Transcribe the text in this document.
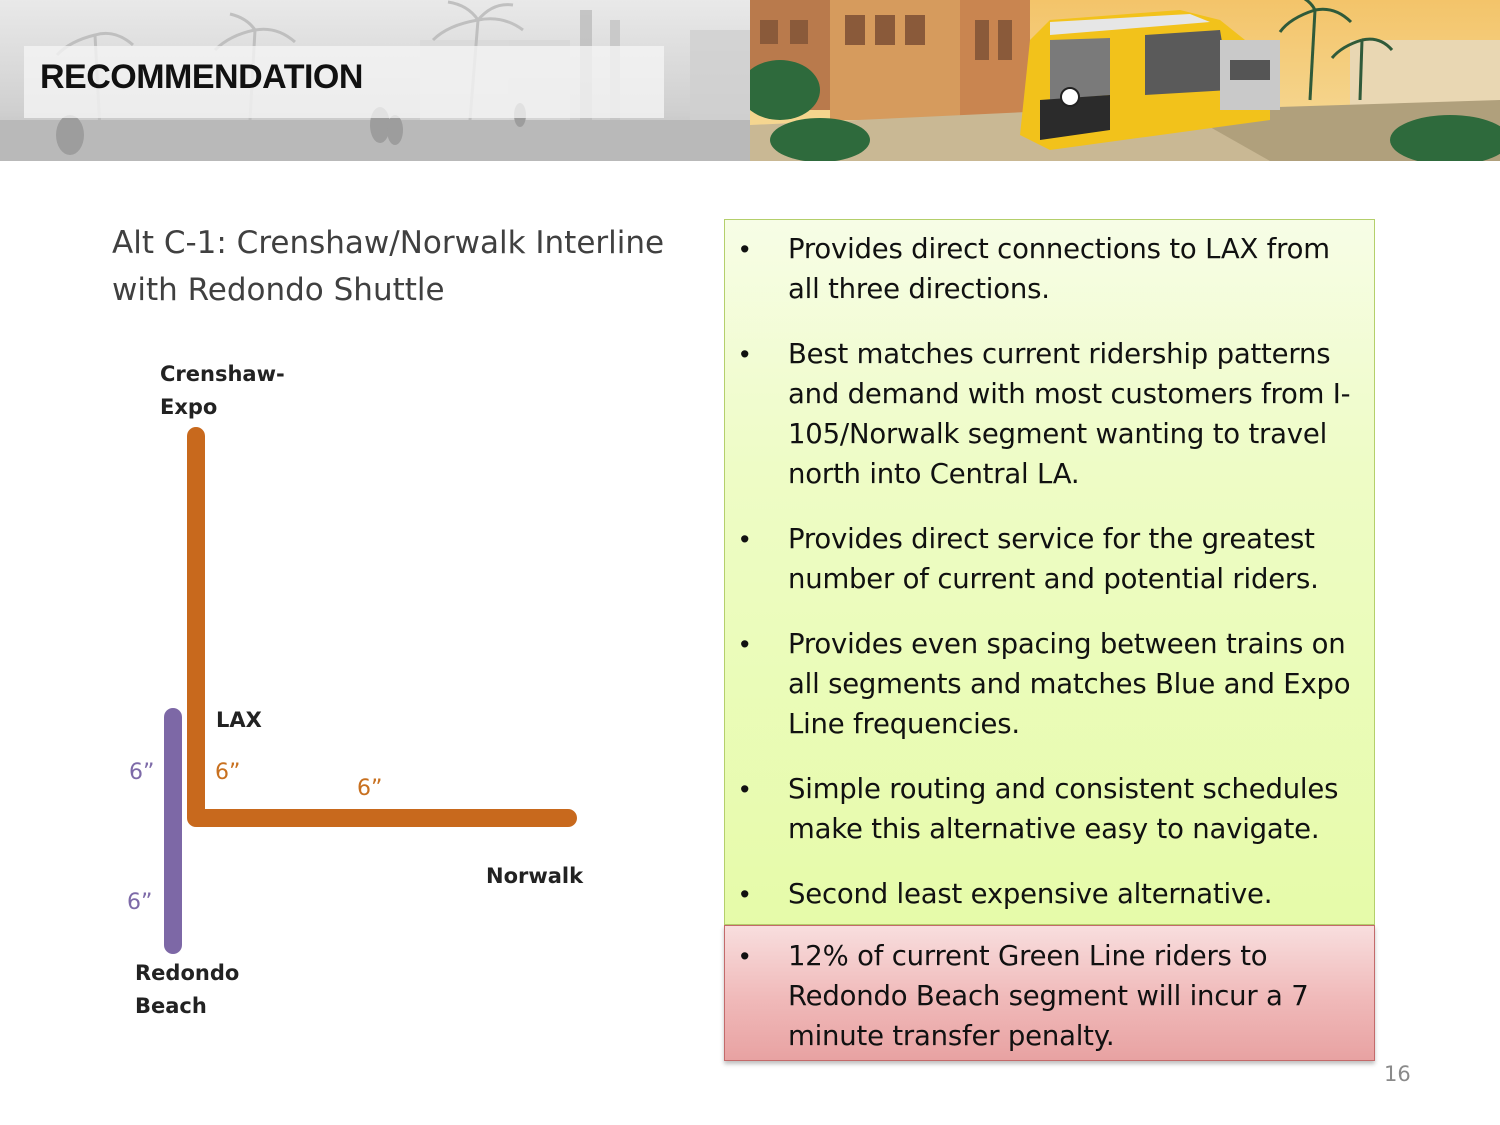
RECOMMENDATION
Alt C-1: Crenshaw/Norwalk Interline
with Redondo Shuttle
Crenshaw-
Expo
LAX
Norwalk
Redondo
Beach
6”	6”
6”
6”
• Provides direct connections to LAX from
all three directions.
• Best matches current ridership patterns
and demand with most customers from I-
105/Norwalk segment wanting to travel
north into Central LA.
• Provides direct service for the greatest
number of current and potential riders.
• Provides even spacing between trains on
all segments and matches Blue and Expo
Line frequencies.
• Simple routing and consistent schedules
make this alternative easy to navigate.
• Second least expensive alternative.
• 12% of current Green Line riders to
Redondo Beach segment will incur a 7
minute transfer penalty.
16
